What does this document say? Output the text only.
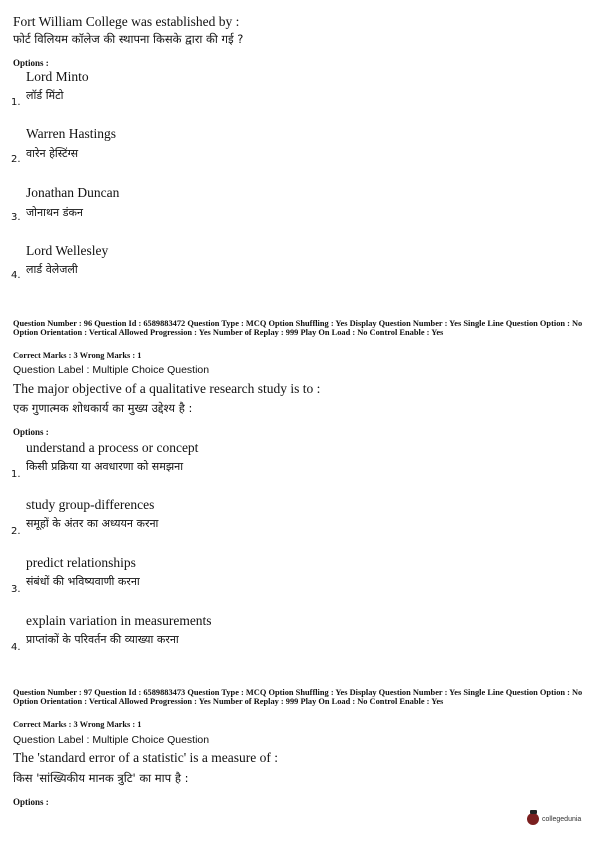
Fort William College was established by :
फोर्ट विलियम कॉलेज की स्थापना किसके द्वारा की गई ?
Options :
Lord Minto
लॉर्ड मिंटो
1.
Warren Hastings
वारेन हेस्टिंग्स
2.
Jonathan Duncan
जोनाथन डंकन
3.
Lord Wellesley
लार्ड वेलेजली
4.
Question Number : 96 Question Id : 6589883472 Question Type : MCQ Option Shuffling : Yes Display Question Number : Yes Single Line Question Option : No Option Orientation : Vertical Allowed Progression : Yes Number of Replay : 999 Play On Load : No Control Enable : Yes
Correct Marks : 3 Wrong Marks : 1
Question Label : Multiple Choice Question
The major objective of a qualitative research study is to :
एक गुणात्मक शोधकार्य का मुख्य उद्देश्य है :
Options :
understand a process or concept
किसी प्रक्रिया या अवधारणा को समझना
1.
study group-differences
समूहों के अंतर का अध्ययन करना
2.
predict relationships
संबंधों की भविष्यवाणी करना
3.
explain variation in measurements
प्राप्तांकों के परिवर्तन की व्याख्या करना
4.
Question Number : 97 Question Id : 6589883473 Question Type : MCQ Option Shuffling : Yes Display Question Number : Yes Single Line Question Option : No Option Orientation : Vertical Allowed Progression : Yes Number of Replay : 999 Play On Load : No Control Enable : Yes
Correct Marks : 3 Wrong Marks : 1
Question Label : Multiple Choice Question
The 'standard error of a statistic' is a measure of :
किस 'सांख्यिकीय मानक त्रुटि' का माप है :
Options :
collegedunia
